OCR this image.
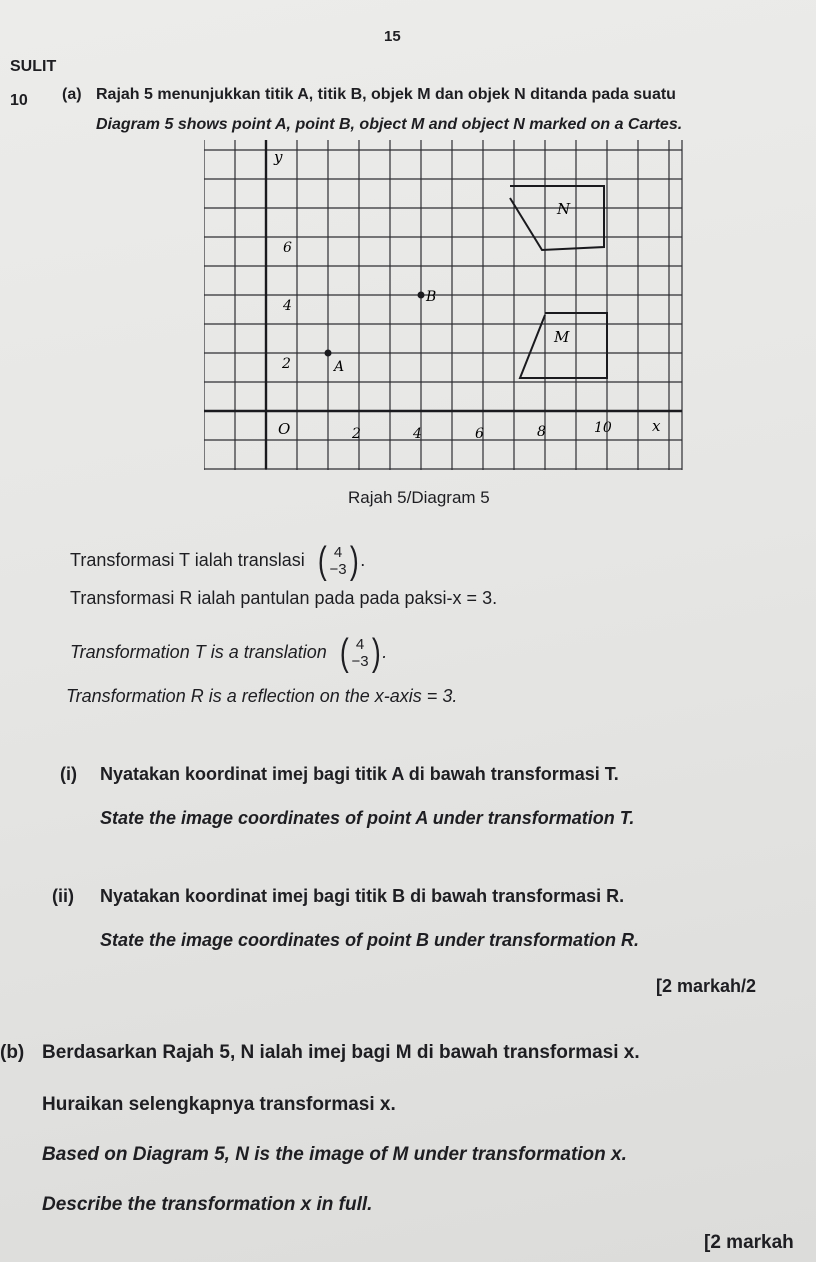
15
SULIT
10 (a) Rajah 5 menunjukkan titik A, titik B, objek M dan objek N ditanda pada suatu
Diagram 5 shows point A, point B, object M and object N marked on a Cartes.
y
x
O
6
4
2
2	4	6	8	10
A
B
M
N
Rajah 5/Diagram 5
Transformasi T ialah translasi ( 4
−3 ) .
Transformasi R ialah pantulan pada pada paksi-x = 3.
Transformation T is a translation ( 4
−3 ) .
Transformation R is a reflection on the x-axis = 3.
(i) Nyatakan koordinat imej bagi titik A di bawah transformasi T.
State the image coordinates of point A under transformation T.
(ii) Nyatakan koordinat imej bagi titik B di bawah transformasi R.
State the image coordinates of point B under transformation R.
[2 markah/2
(b) Berdasarkan Rajah 5, N ialah imej bagi M di bawah transformasi x.
Huraikan selengkapnya transformasi x.
Based on Diagram 5, N is the image of M under transformation x.
Describe the transformation x in full.
[2 markah
